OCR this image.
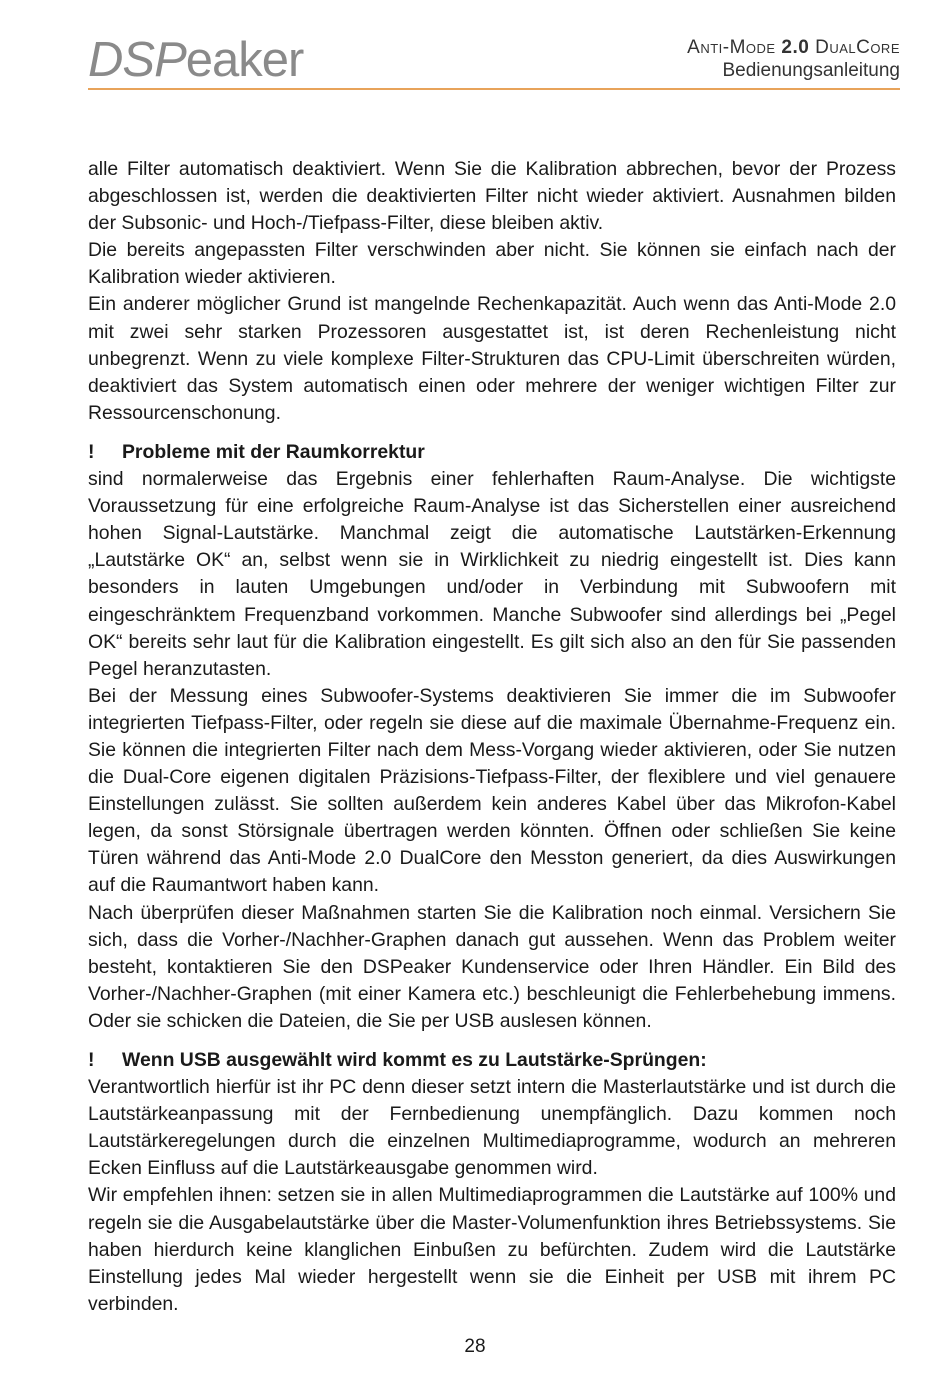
DSPeaker	Anti-Mode 2.0 DualCore
Bedienungsanleitung

alle Filter automatisch deaktiviert. Wenn Sie die Kalibration abbrechen, bevor der Prozess abgeschlossen ist, werden die deaktivierten Filter nicht wieder aktiviert. Ausnahmen bilden der Subsonic- und Hoch-/Tiefpass-Filter, diese bleiben aktiv.

Die bereits angepassten Filter verschwinden aber nicht. Sie können sie einfach nach der Kalibration wieder aktivieren.

Ein anderer möglicher Grund ist mangelnde Rechenkapazität. Auch wenn das Anti-Mode 2.0 mit zwei sehr starken Prozessoren ausgestattet ist, ist deren Rechenleistung nicht unbegrenzt. Wenn zu viele komplexe Filter-Strukturen das CPU-Limit überschreiten würden, deaktiviert das System automatisch einen oder mehrere der weniger wichtigen Filter zur Ressourcenschonung.

! Probleme mit der Raumkorrektur

sind normalerweise das Ergebnis einer fehlerhaften Raum-Analyse. Die wichtigste Voraussetzung für eine erfolgreiche Raum-Analyse ist das Sicherstellen einer ausreichend hohen Signal-Lautstärke. Manchmal zeigt die automatische Lautstärken-Erkennung „Lautstärke OK“ an, selbst wenn sie in Wirklichkeit zu niedrig eingestellt ist. Dies kann besonders in lauten Umgebungen und/oder in Verbindung mit Subwoofern mit eingeschränktem Frequenzband vorkommen. Manche Subwoofer sind allerdings bei „Pegel OK“ bereits sehr laut für die Kalibration eingestellt. Es gilt sich also an den für Sie passenden Pegel heranzutasten.

Bei der Messung eines Subwoofer-Systems deaktivieren Sie immer die im Subwoofer integrierten Tiefpass-Filter, oder regeln sie diese auf die maximale Übernahme-Frequenz ein. Sie können die integrierten Filter nach dem Mess-Vorgang wieder aktivieren, oder Sie nutzen die Dual-Core eigenen digitalen Präzisions-Tiefpass-Filter, der flexiblere und viel genauere Einstellungen zulässt. Sie sollten außerdem kein anderes Kabel über das Mikrofon-Kabel legen, da sonst Störsignale übertragen werden könnten. Öffnen oder schließen Sie keine Türen während das Anti-Mode 2.0 DualCore den Messton generiert, da dies Auswirkungen auf die Raumantwort haben kann.

Nach überprüfen dieser Maßnahmen starten Sie die Kalibration noch einmal. Versichern Sie sich, dass die Vorher-/Nachher-Graphen danach gut aussehen. Wenn das Problem weiter besteht, kontaktieren Sie den DSPeaker Kundenservice oder Ihren Händler. Ein Bild des Vorher-/Nachher-Graphen (mit einer Kamera etc.) beschleunigt die Fehlerbehebung immens. Oder sie schicken die Dateien, die Sie per USB auslesen können.

! Wenn USB ausgewählt wird kommt es zu Lautstärke-Sprüngen:

Verantwortlich hierfür ist ihr PC denn dieser setzt intern die Masterlautstärke und ist durch die Lautstärkeanpassung mit der Fernbedienung unempfänglich. Dazu kommen noch Lautstärkeregelungen durch die einzelnen Multimediaprogramme, wodurch an mehreren Ecken Einfluss auf die Lautstärkeausgabe genommen wird.

Wir empfehlen ihnen: setzen sie in allen Multimediaprogrammen die Lautstärke auf 100% und regeln sie die Ausgabelautstärke über die Master-Volumenfunktion ihres Betriebssystems. Sie haben hierdurch keine klanglichen Einbußen zu befürchten. Zudem wird die Lautstärke Einstellung jedes Mal wieder hergestellt wenn sie die Einheit per USB mit ihrem PC verbinden.

28
